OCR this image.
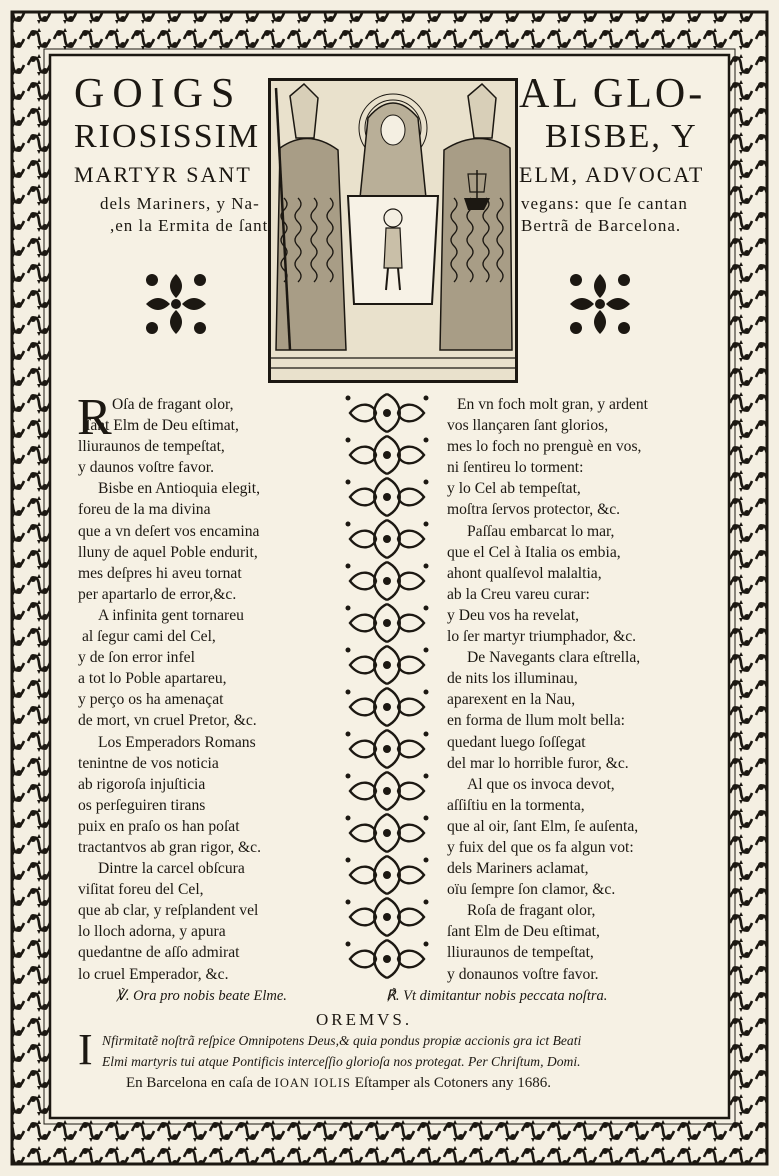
GOIGS	AL GLO-
RIOSISSIM	BISBE, Y
MARTYR SANT	ELM, ADVOCAT
dels Mariners, y Na-	vegans: que ſe cantan
,en la Ermita de ſant	Bertrã de Barcelona.
R Oſa de fragant olor,
ſant Elm de Deu eſtimat,
lliuraunos de tempeſtat,
y daunos voſtre favor.
Bisbe en Antioquia elegit,
foreu de la ma divina
que a vn deſert vos encamina
lluny de aquel Poble endurit,
mes deſpres hi aveu tornat
per apartarlo de error,&c.
A infinita gent tornareu
al ſegur cami del Cel,
y de ſon error infel
a tot lo Poble apartareu,
y perço os ha amenaçat
de mort, vn cruel Pretor, &c.
Los Emperadors Romans
tenintne de vos noticia
ab rigoroſa injuſticia
os perſeguiren tirans
puix en praſo os han poſat
tractantvos ab gran rigor, &c.
Dintre la carcel obſcura
viſitat foreu del Cel,
que ab clar, y reſplandent vel
lo lloch adorna, y apura
quedantne de aſſo admirat
lo cruel Emperador, &c.
En vn foch molt gran, y ardent
vos llançaren ſant glorios,
mes lo foch no prenguè en vos,
ni ſentireu lo torment:
y lo Cel ab tempeſtat,
moſtra ſervos protector, &c.
Paſſau embarcat lo mar,
que el Cel à Italia os embia,
ahont qualſevol malaltia,
ab la Creu vareu curar:
y Deu vos ha revelat,
lo ſer martyr triumphador, &c.
De Navegants clara eſtrella,
de nits los illuminau,
aparexent en la Nau,
en forma de llum molt bella:
quedant luego ſoſſegat
del mar lo horrible furor, &c.
Al que os invoca devot,
aſſiſtiu en la tormenta,
que al oir, ſant Elm, ſe auſenta,
y fuix del que os fa algun vot:
dels Mariners aclamat,
oïu ſempre ſon clamor, &c.
Roſa de fragant olor,
ſant Elm de Deu eſtimat,
lliuraunos de tempeſtat,
y donaunos voſtre favor.
℣. Ora pro nobis beate Elme.	℟. Vt dimitantur nobis peccata noſtra.
OREMVS.
I Nfirmitatẽ noſtrã reſpice Omnipotens Deus,& quia pondus propiæ accionis gra ict Beati
Elmi martyris tui atque Pontificis interceſſio glorioſa nos protegat. Per Chriſtum, Domi.
En Barcelona en caſa de IOAN IOLIS Eſtamper als Cotoners any 1686.
